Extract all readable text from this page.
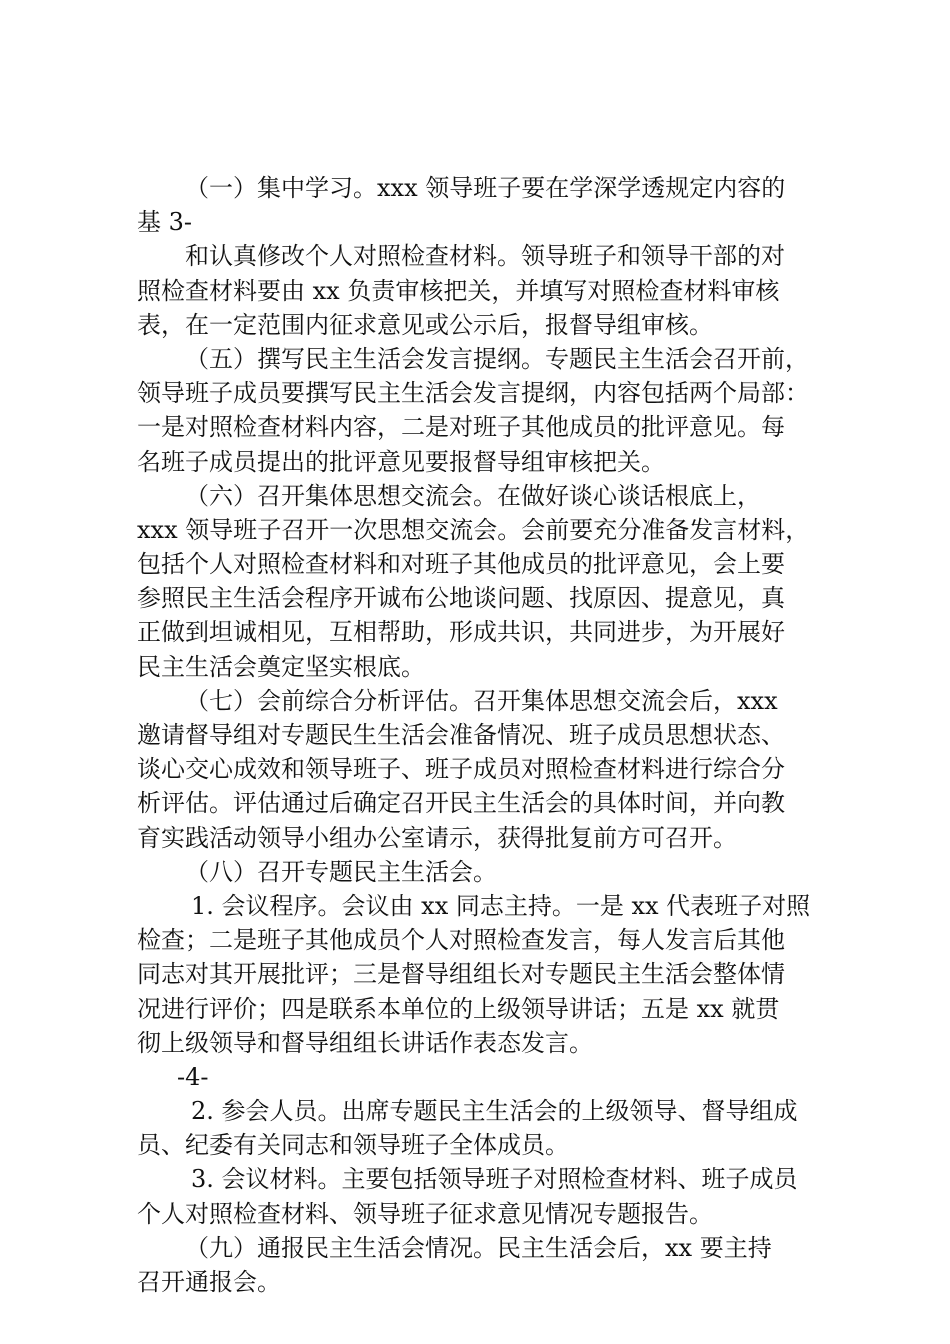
（一）集中学习。xxx 领导班子要在学深学透规定内容的
基 3-
和认真修改个人对照检查材料。领导班子和领导干部的对
照检查材料要由 xx 负责审核把关，并填写对照检查材料审核
表，在一定范围内征求意见或公示后，报督导组审核。
（五）撰写民主生活会发言提纲。专题民主生活会召开前，
领导班子成员要撰写民主生活会发言提纲，内容包括两个局部：
一是对照检查材料内容，二是对班子其他成员的批评意见。每
名班子成员提出的批评意见要报督导组审核把关。
（六）召开集体思想交流会。在做好谈心谈话根底上，
xxx 领导班子召开一次思想交流会。会前要充分准备发言材料，
包括个人对照检查材料和对班子其他成员的批评意见，会上要
参照民主生活会程序开诚布公地谈问题、找原因、提意见，真
正做到坦诚相见，互相帮助，形成共识，共同进步，为开展好
民主生活会奠定坚实根底。
（七）会前综合分析评估。召开集体思想交流会后，xxx
邀请督导组对专题民生生活会准备情况、班子成员思想状态、
谈心交心成效和领导班子、班子成员对照检查材料进行综合分
析评估。评估通过后确定召开民主生活会的具体时间，并向教
育实践活动领导小组办公室请示，获得批复前方可召开。
（八）召开专题民主生活会。
1. 会议程序。会议由 xx 同志主持。一是 xx 代表班子对照
检查；二是班子其他成员个人对照检查发言，每人发言后其他
同志对其开展批评；三是督导组组长对专题民主生活会整体情
况进行评价；四是联系本单位的上级领导讲话；五是 xx 就贯
彻上级领导和督导组组长讲话作表态发言。
-4-
2. 参会人员。出席专题民主生活会的上级领导、督导组成
员、纪委有关同志和领导班子全体成员。
3. 会议材料。主要包括领导班子对照检查材料、班子成员
个人对照检查材料、领导班子征求意见情况专题报告。
（九）通报民主生活会情况。民主生活会后，xx 要主持
召开通报会。
